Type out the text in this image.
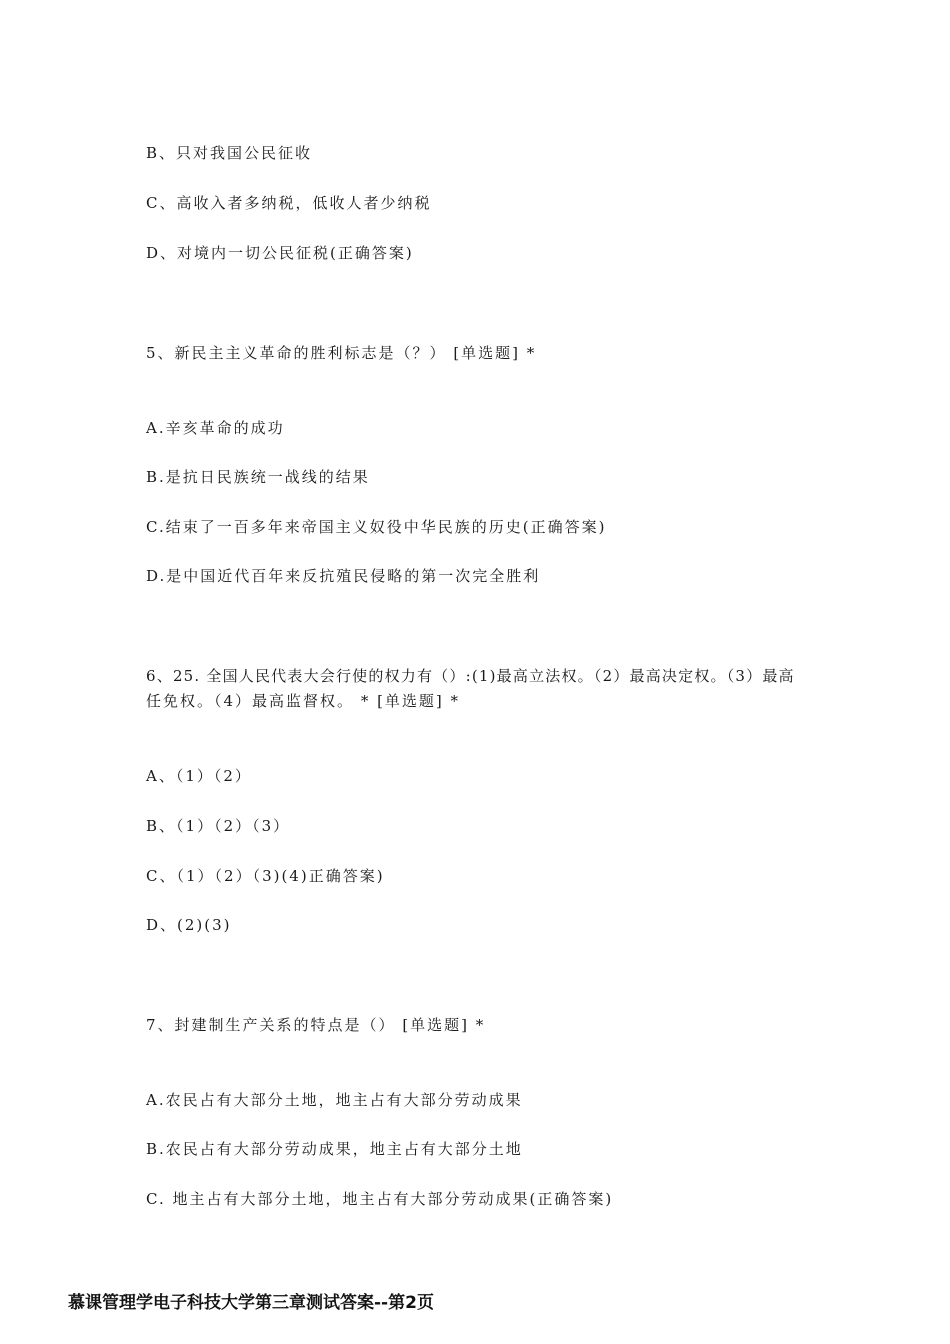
B、只对我国公民征收
C、高收入者多纳税，低收人者少纳税
D、对境内一切公民征税(正确答案)
5、新民主主义革命的胜利标志是（？） [单选题] *
A.辛亥革命的成功
B.是抗日民族统一战线的结果
C.结束了一百多年来帝国主义奴役中华民族的历史(正确答案)
D.是中国近代百年来反抗殖民侵略的第一次完全胜利
6、25. 全国人民代表大会行使的权力有（）:(1)最高立法权。（2）最高决定权。（3）最高
任免权。（4）最高监督权。 * [单选题] *
A、（1）（2）
B、（1）（2）（3）
C、（1）（2）（3)(4)正确答案)
D、(2)(3)
7、封建制生产关系的特点是（） [单选题] *
A.农民占有大部分土地，地主占有大部分劳动成果
B.农民占有大部分劳动成果，地主占有大部分土地
C. 地主占有大部分土地，地主占有大部分劳动成果(正确答案)
慕课管理学电子科技大学第三章测试答案--第2页
